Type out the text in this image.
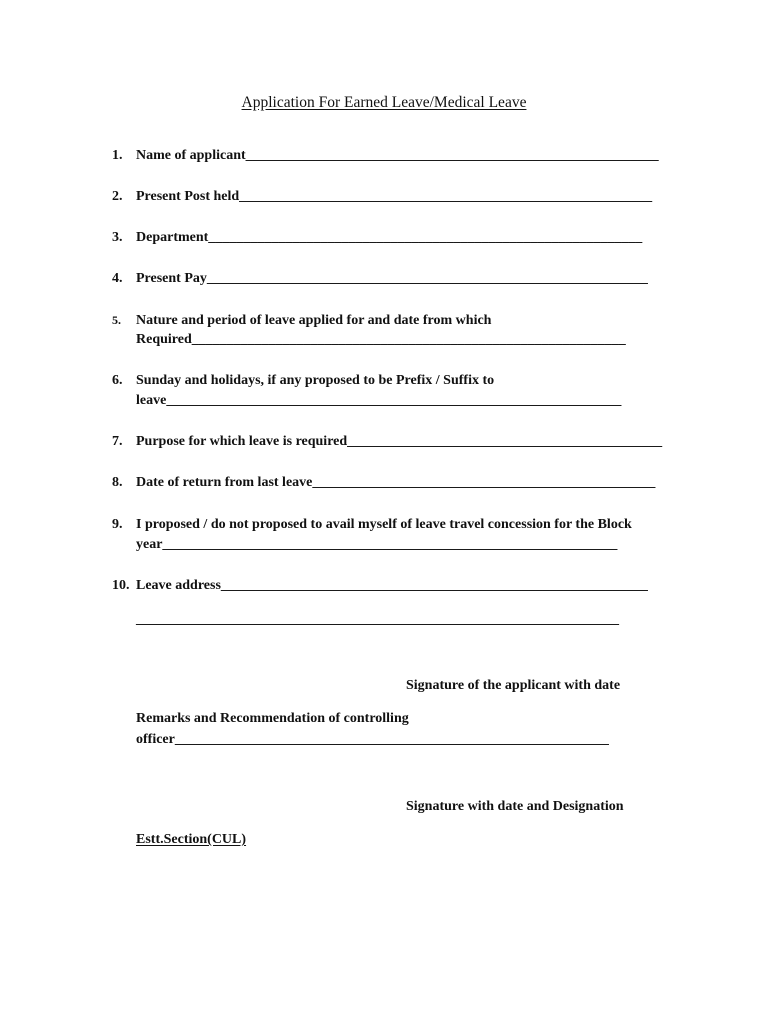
Application For Earned Leave/Medical Leave
1. Name of applicant___________________________________________________________
2. Present Post held___________________________________________________________
3. Department______________________________________________________________
4. Present Pay_______________________________________________________________
5. Nature and period of leave applied for and date from which
Required______________________________________________________________
6. Sunday and holidays, if any proposed to be Prefix / Suffix to
leave_________________________________________________________________
7. Purpose for which leave is required_____________________________________________
8. Date of return from last leave_________________________________________________
9. I proposed / do not proposed to avail myself of leave travel concession for the Block
year_________________________________________________________________
10. Leave address_____________________________________________________________
_____________________________________________________________________
Signature of the applicant with date
Remarks and Recommendation of controlling
officer______________________________________________________________
Signature with date and Designation
Estt.Section(CUL)
